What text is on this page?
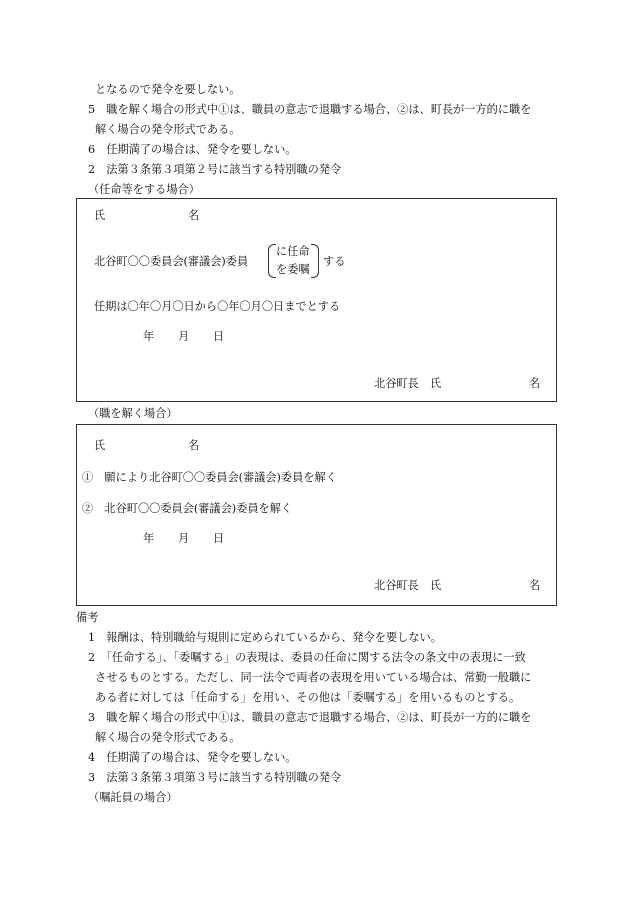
となるので発令を要しない。
5　職を解く場合の形式中①は、職員の意志で退職する場合、②は、町長が一方的に職を
解く場合の発令形式である。
6　任期満了の場合は、発令を要しない。
2　法第３条第３項第２号に該当する特別職の発令
（任命等をする場合）
氏	名
北谷町〇〇委員会(審議会)委員
に任命
を委嘱
する
任期は〇年〇月〇日から〇年〇月〇日までとする
年 月 日
北谷町長　氏	名
（職を解く場合）
氏	名
①　願により北谷町〇〇委員会(審議会)委員を解く
②　北谷町〇〇委員会(審議会)委員を解く
年 月 日
北谷町長　氏	名
備考
1　報酬は、特別職給与規則に定められているから、発令を要しない。
2　「任命する」、「委嘱する」の表現は、委員の任命に関する法令の条文中の表現に一致
させるものとする。ただし、同一法令で両者の表現を用いている場合は、常勤一般職に
ある者に対しては「任命する」を用い、その他は「委嘱する」を用いるものとする。
3　職を解く場合の形式中①は、職員の意志で退職する場合、②は、町長が一方的に職を
解く場合の発令形式である。
4　任期満了の場合は、発令を要しない。
3　法第３条第３項第３号に該当する特別職の発令
（嘱託員の場合）
